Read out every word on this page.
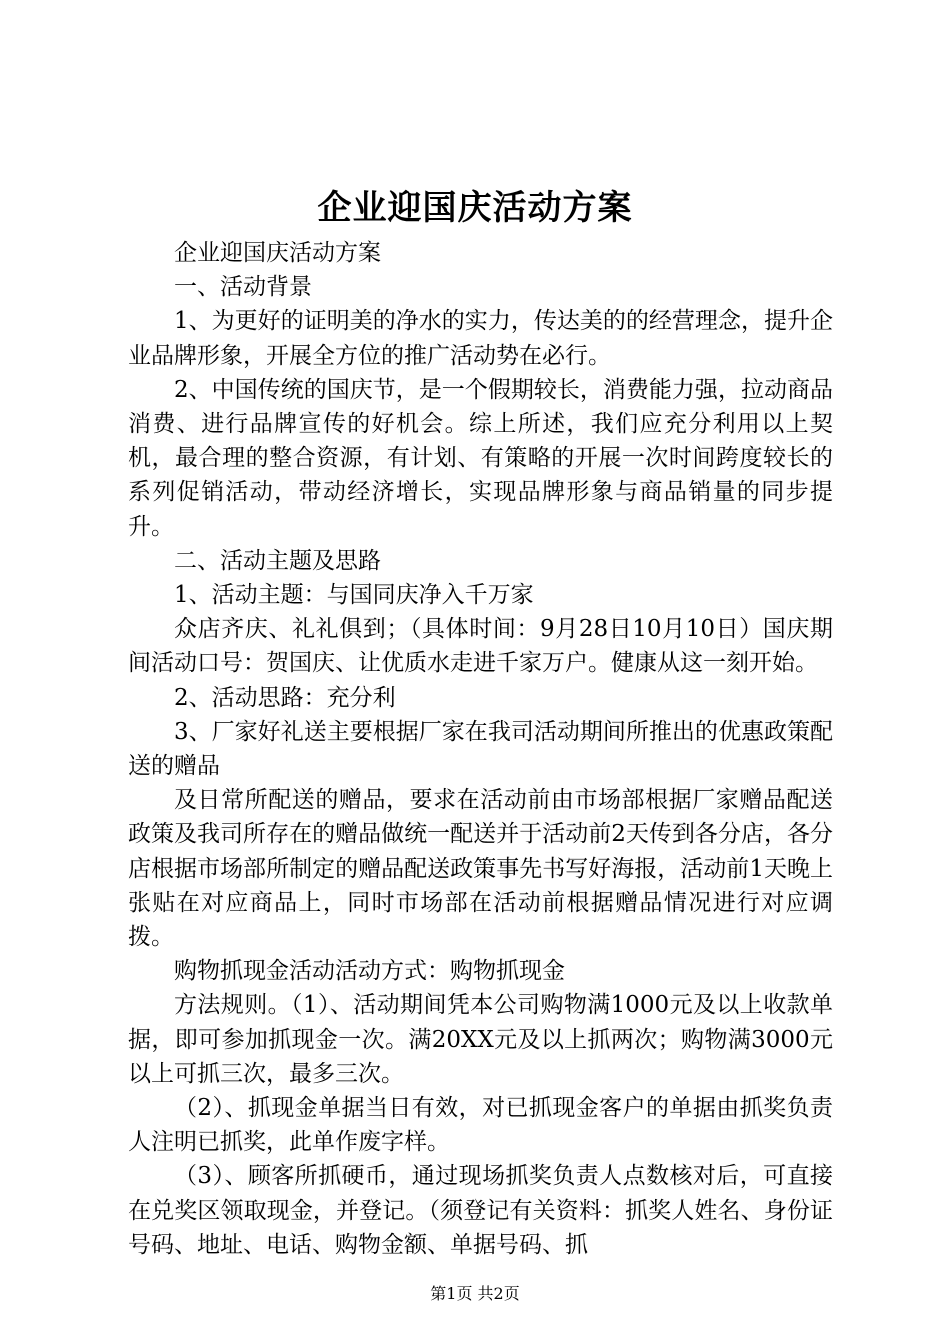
企业迎国庆活动方案

企业迎国庆活动方案

一、活动背景

1、为更好的证明美的净水的实力，传达美的的经营理念，提升企业品牌形象，开展全方位的推广活动势在必行。

2、中国传统的国庆节，是一个假期较长，消费能力强，拉动商品消费、进行品牌宣传的好机会。综上所述，我们应充分利用以上契机，最合理的整合资源，有计划、有策略的开展一次时间跨度较长的系列促销活动，带动经济增长，实现品牌形象与商品销量的同步提升。

二、活动主题及思路

1、活动主题：与国同庆净入千万家

众店齐庆、礼礼俱到；（具体时间：9月28日10月10日）国庆期间活动口号：贺国庆、让优质水走进千家万户。健康从这一刻开始。

2、活动思路：充分利

3、厂家好礼送主要根据厂家在我司活动期间所推出的优惠政策配送的赠品

及日常所配送的赠品，要求在活动前由市场部根据厂家赠品配送政策及我司所存在的赠品做统一配送并于活动前2天传到各分店，各分店根据市场部所制定的赠品配送政策事先书写好海报，活动前1天晚上张贴在对应商品上，同时市场部在活动前根据赠品情况进行对应调拨。

购物抓现金活动活动方式：购物抓现金

方法规则。（1）、活动期间凭本公司购物满1000元及以上收款单据，即可参加抓现金一次。满20XX元及以上抓两次；购物满3000元以上可抓三次，最多三次。

（2）、抓现金单据当日有效，对已抓现金客户的单据由抓奖负责人注明已抓奖，此单作废字样。

（3）、顾客所抓硬币，通过现场抓奖负责人点数核对后，可直接在兑奖区领取现金，并登记。（须登记有关资料：抓奖人姓名、身份证号码、地址、电话、购物金额、单据号码、抓

第1页 共2页
